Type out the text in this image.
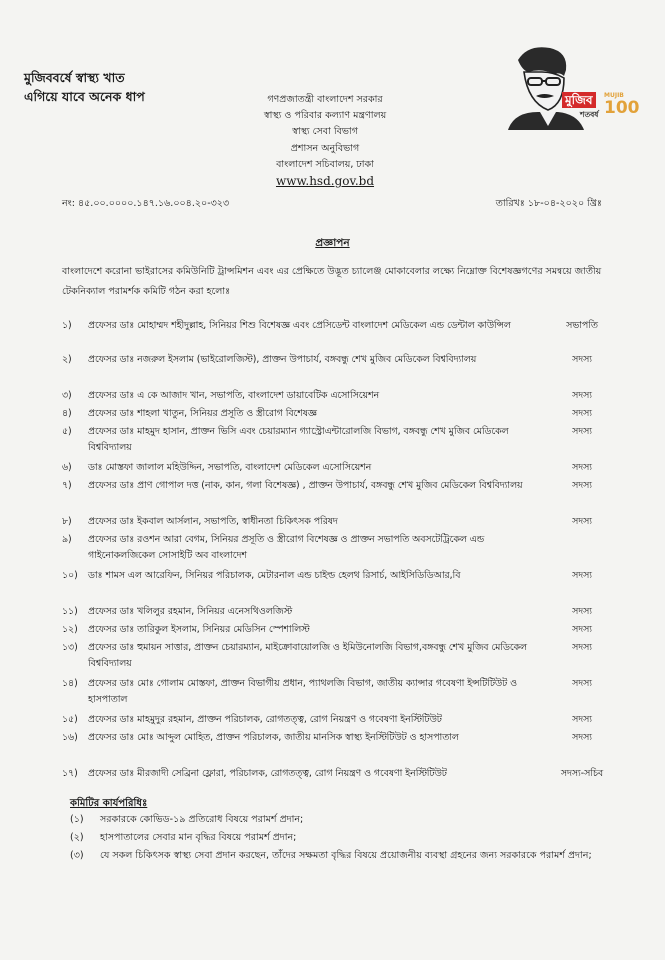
মুজিববর্ষে স্বাস্থ্য খাত
এগিয়ে যাবে অনেক ধাপ	গণপ্রজাতন্ত্রী বাংলাদেশ সরকার
স্বাস্থ্য ও পরিবার কল্যাণ মন্ত্রণালয়
স্বাস্থ্য সেবা বিভাগ
প্রশাসন অনুবিভাগ
বাংলাদেশ সচিবালয়, ঢাকা
www.hsd.gov.bd
মুজিব	MUJIB
100
শতবর্ষ
নং: ৪৫.০০.০০০০.১৪৭.১৬.০০৪.২০-৩২৩	তারিখঃ ১৮-০৪-২০২০ খ্রিঃ
প্রজ্ঞাপন
বাংলাদেশে করোনা ভাইরাসের কমিউনিটি ট্রান্সমিশন এবং এর প্রেক্ষিতে উদ্ভূত চ্যালেঞ্জ মোকাবেলার লক্ষ্যে নিম্নোক্ত বিশেষজ্ঞগণের সমন্বয়ে জাতীয় টেকনিক্যাল পরামর্শক কমিটি গঠন করা হলোঃ
১) প্রফেসর ডাঃ মোহাম্মদ শহীদুল্লাহ, সিনিয়র শিশু বিশেষজ্ঞ এবং প্রেসিডেন্ট বাংলাদেশ মেডিকেল এন্ড ডেন্টাল কাউন্সিল	সভাপতি
২) প্রফেসর ডাঃ নজরুল ইসলাম (ভাইরোলজিস্ট), প্রাক্তন উপাচার্য, বঙ্গবন্ধু শেখ মুজিব মেডিকেল বিশ্ববিদ্যালয়	সদস্য
৩) প্রফেসর ডাঃ এ কে আজাদ খান, সভাপতি, বাংলাদেশ ডায়াবেটিক এসোসিয়েশন	সদস্য
৪) প্রফেসর ডাঃ শাহলা খাতুন, সিনিয়র প্রসূতি ও স্ত্রীরোগ বিশেষজ্ঞ	সদস্য
৫) প্রফেসর ডাঃ মাহমুদ হাসান, প্রাক্তন ভিসি এবং চেয়ারম্যান গ্যাস্ট্রোএন্টারোলজি বিভাগ, বঙ্গবন্ধু শেখ মুজিব মেডিকেল বিশ্ববিদ্যালয়
সদস্য
৬) ডাঃ মোস্তফা জালাল মহিউদ্দিন, সভাপতি, বাংলাদেশ মেডিকেল এসোসিয়েশন	সদস্য
৭) প্রফেসর ডাঃ প্রাণ গোপাল দত্ত (নাক, কান, গলা বিশেষজ্ঞ) , প্রাক্তন উপাচার্য, বঙ্গবন্ধু শেখ মুজিব মেডিকেল বিশ্ববিদ্যালয়	সদস্য
৮) প্রফেসর ডাঃ ইকবাল আর্সলান, সভাপতি, স্বাধীনতা চিকিৎসক পরিষদ	সদস্য
৯) প্রফেসর ডাঃ রওশন আরা বেগম, সিনিয়র প্রসূতি ও স্ত্রীরোগ বিশেষজ্ঞ ও প্রাক্তন সভাপতি অবসটেট্রিকেল এন্ড গাইনোকলজিকেল সোসাইটি অব বাংলাদেশ
১০) ডাঃ শামস এল আরেফিন, সিনিয়র পরিচালক, মেটারনাল এন্ড চাইল্ড হেলথ রিসার্চ, আইসিডিডিআর,বি	সদস্য
১১) প্রফেসর ডাঃ খলিলুর রহমান, সিনিয়র এনেসথিওলজিস্ট	সদস্য
১২) প্রফেসর ডাঃ তারিকুল ইসলাম, সিনিয়র মেডিসিন স্পেশালিস্ট	সদস্য
১৩) প্রফেসর ডাঃ হুমায়ন সাত্তার, প্রাক্তন চেয়ারম্যান, মাইক্রোবায়োলজি ও ইমিউনোলজি বিভাগ,বঙ্গবন্ধু শেখ মুজিব মেডিকেল বিশ্ববিদ্যালয়
সদস্য
১৪) প্রফেসর ডাঃ মোঃ গোলাম মোস্তফা, প্রাক্তন বিভাগীয় প্রধান, প্যাথলজি বিভাগ, জাতীয় ক্যান্সার গবেষণা ইন্সটিটিউট ও হাসপাতাল
সদস্য
১৫) প্রফেসর ডাঃ মাহমুদুর রহমান, প্রাক্তন পরিচালক, রোগতত্ত্ব, রোগ নিয়ন্ত্রণ ও গবেষণা ইনস্টিটিউট	সদস্য
১৬) প্রফেসর ডাঃ মোঃ আব্দুল মোহিত, প্রাক্তন পরিচালক, জাতীয় মানসিক স্বাস্থ্য ইনস্টিটিউট ও হাসপাতাল	সদস্য
১৭) প্রফেসর ডাঃ মীরজাদী সেব্রিনা ফ্লোরা, পরিচালক, রোগতত্ত্ব, রোগ নিয়ন্ত্রণ ও গবেষণা ইনস্টিটিউট	সদস্য-সচিব
কমিটির কার্যপরিধিঃ
(১) সরকারকে কোভিড-১৯ প্রতিরোধ বিষয়ে পরামর্শ প্রদান;
(২) হাসপাতালের সেবার মান বৃদ্ধির বিষয়ে পরামর্শ প্রদান;
(৩) যে সকল চিকিৎসক স্বাস্থ্য সেবা প্রদান করছেন, তাঁদের সক্ষমতা বৃদ্ধির বিষয়ে প্রয়োজনীয় ব্যবস্থা গ্রহনের জন্য সরকারকে পরামর্শ প্রদান;
